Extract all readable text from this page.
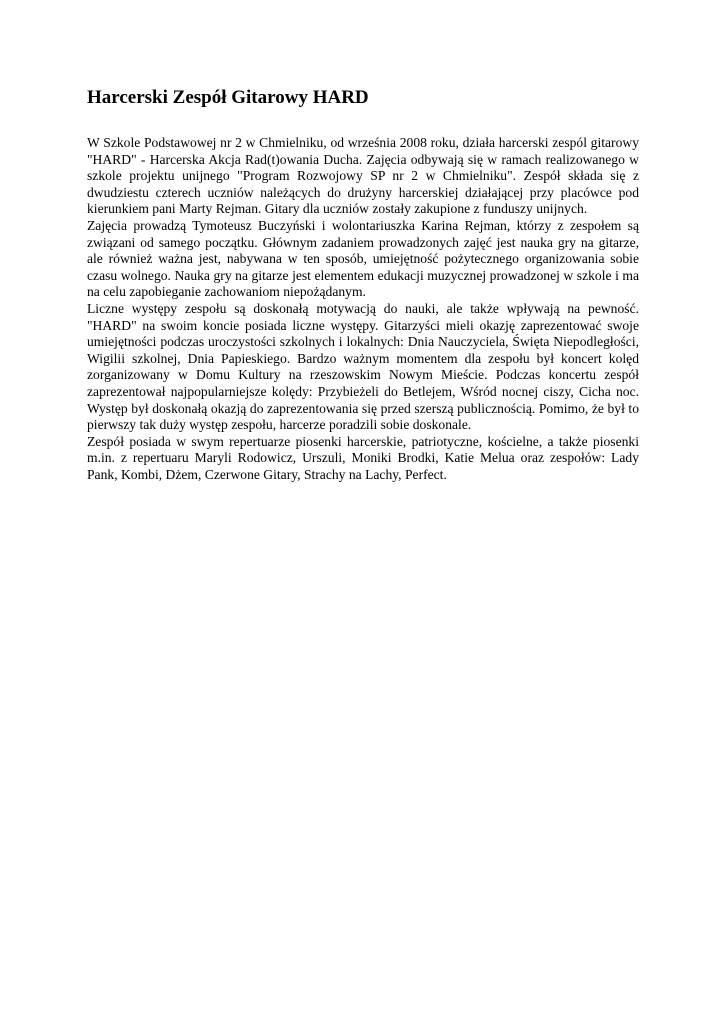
Harcerski Zespół Gitarowy HARD

W Szkole Podstawowej nr 2 w Chmielniku, od września 2008 roku, działa harcerski zespól gitarowy "HARD" - Harcerska Akcja Rad(t)owania Ducha. Zajęcia odbywają się w ramach realizowanego w szkole projektu unijnego "Program Rozwojowy SP nr 2 w Chmielniku". Zespół składa się z dwudziestu czterech uczniów należących do drużyny harcerskiej działającej przy placówce pod kierunkiem pani Marty Rejman. Gitary dla uczniów zostały zakupione z funduszy unijnych.

Zajęcia prowadzą Tymoteusz Buczyński i wolontariuszka Karina Rejman, którzy z zespołem są związani od samego początku. Głównym zadaniem prowadzonych zajęć jest nauka gry na gitarze, ale również ważna jest, nabywana w ten sposób, umiejętność pożytecznego organizowania sobie czasu wolnego. Nauka gry na gitarze jest elementem edukacji muzycznej prowadzonej w szkole i ma na celu zapobieganie zachowaniom niepożądanym.

Liczne występy zespołu są doskonałą motywacją do nauki, ale także wpływają na pewność. "HARD" na swoim koncie posiada liczne występy. Gitarzyści mieli okazję zaprezentować swoje umiejętności podczas uroczystości szkolnych i lokalnych: Dnia Nauczyciela, Święta Niepodległości, Wigilii szkolnej, Dnia Papieskiego. Bardzo ważnym momentem dla zespołu był koncert kolęd zorganizowany w Domu Kultury na rzeszowskim Nowym Mieście. Podczas koncertu zespół zaprezentował najpopularniejsze kolędy: Przybieżeli do Betlejem, Wśród nocnej ciszy, Cicha noc. Występ był doskonałą okazją do zaprezentowania się przed szerszą publicznością. Pomimo, że był to pierwszy tak duży występ zespołu, harcerze poradzili sobie doskonale.

Zespół posiada w swym repertuarze piosenki harcerskie, patriotyczne, kościelne, a także piosenki m.in. z repertuaru Maryli Rodowicz, Urszuli, Moniki Brodki, Katie Melua oraz zespołów: Lady Pank, Kombi, Dżem, Czerwone Gitary, Strachy na Lachy, Perfect.
